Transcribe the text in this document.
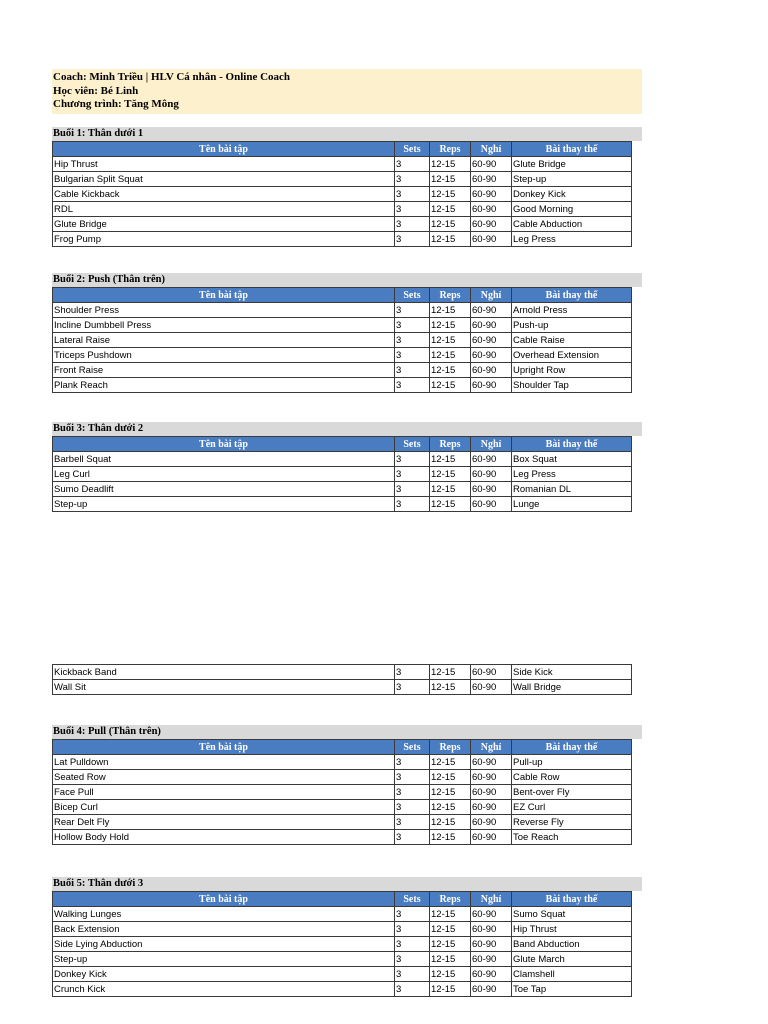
Coach: Minh Triều | HLV Cá nhân - Online Coach
Học viên: Bé Linh
Chương trình: Tăng Mông
Buổi 1: Thân dưới 1
Tên bài tập	Sets	Reps	Nghỉ	Bài thay thế
Hip Thrust	3	12-15	60-90	Glute Bridge
Bulgarian Split Squat	3	12-15	60-90	Step-up
Cable Kickback	3	12-15	60-90	Donkey Kick
RDL	3	12-15	60-90	Good Morning
Glute Bridge	3	12-15	60-90	Cable Abduction
Frog Pump	3	12-15	60-90	Leg Press
Buổi 2: Push (Thân trên)
Tên bài tập	Sets	Reps	Nghỉ	Bài thay thế
Shoulder Press	3	12-15	60-90	Arnold Press
Incline Dumbbell Press	3	12-15	60-90	Push-up
Lateral Raise	3	12-15	60-90	Cable Raise
Triceps Pushdown	3	12-15	60-90	Overhead Extension
Front Raise	3	12-15	60-90	Upright Row
Plank Reach	3	12-15	60-90	Shoulder Tap
Buổi 3: Thân dưới 2
Tên bài tập	Sets	Reps	Nghỉ	Bài thay thế
Barbell Squat	3	12-15	60-90	Box Squat
Leg Curl	3	12-15	60-90	Leg Press
Sumo Deadlift	3	12-15	60-90	Romanian DL
Step-up	3	12-15	60-90	Lunge
Kickback Band	3	12-15	60-90	Side Kick
Wall Sit	3	12-15	60-90	Wall Bridge
Buổi 4: Pull (Thân trên)
Tên bài tập	Sets	Reps	Nghỉ	Bài thay thế
Lat Pulldown	3	12-15	60-90	Pull-up
Seated Row	3	12-15	60-90	Cable Row
Face Pull	3	12-15	60-90	Bent-over Fly
Bicep Curl	3	12-15	60-90	EZ Curl
Rear Delt Fly	3	12-15	60-90	Reverse Fly
Hollow Body Hold	3	12-15	60-90	Toe Reach
Buổi 5: Thân dưới 3
Tên bài tập	Sets	Reps	Nghỉ	Bài thay thế
Walking Lunges	3	12-15	60-90	Sumo Squat
Back Extension	3	12-15	60-90	Hip Thrust
Side Lying Abduction	3	12-15	60-90	Band Abduction
Step-up	3	12-15	60-90	Glute March
Donkey Kick	3	12-15	60-90	Clamshell
Crunch Kick	3	12-15	60-90	Toe Tap
